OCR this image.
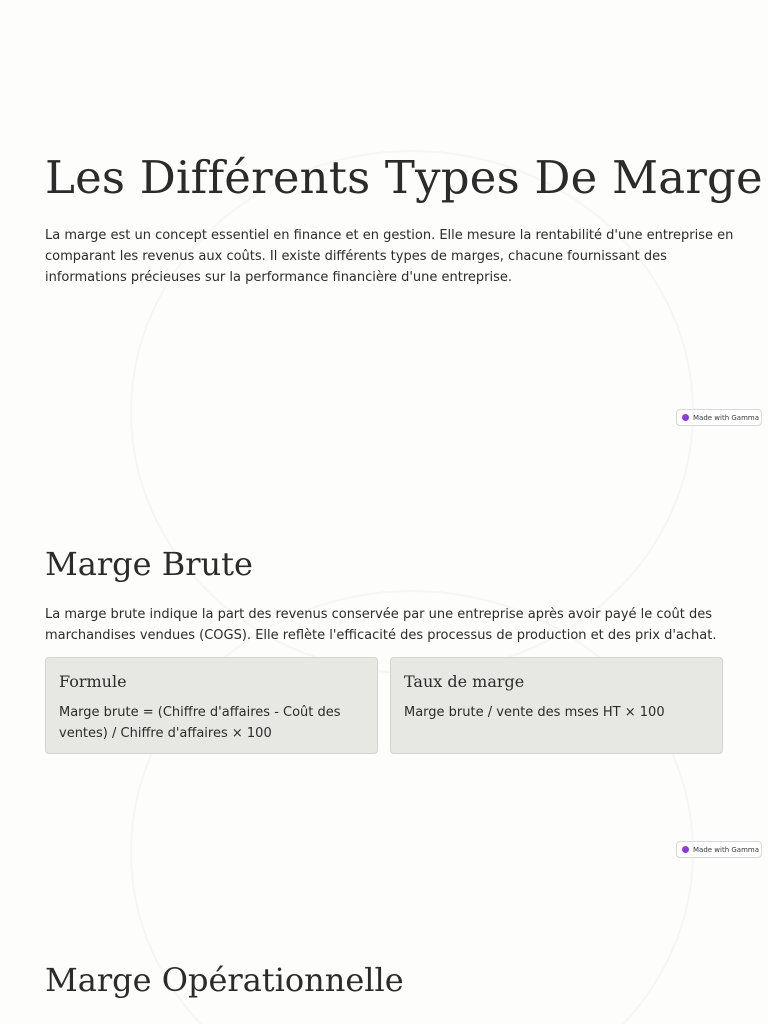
Les Différents Types De Marge

La marge est un concept essentiel en finance et en gestion. Elle mesure la rentabilité d'une entreprise en comparant les revenus aux coûts. Il existe différents types de marges, chacune fournissant des informations précieuses sur la performance financière d'une entreprise.

Made with Gamma
Marge Brute

La marge brute indique la part des revenus conservée par une entreprise après avoir payé le coût des marchandises vendues (COGS). Elle reflète l'efficacité des processus de production et des prix d'achat.

Formule

Marge brute = (Chiffre d'affaires - Coût des ventes) / Chiffre d'affaires × 100

Taux de marge

Marge brute / vente des mses HT × 100

Made with Gamma
Marge Opérationnelle
